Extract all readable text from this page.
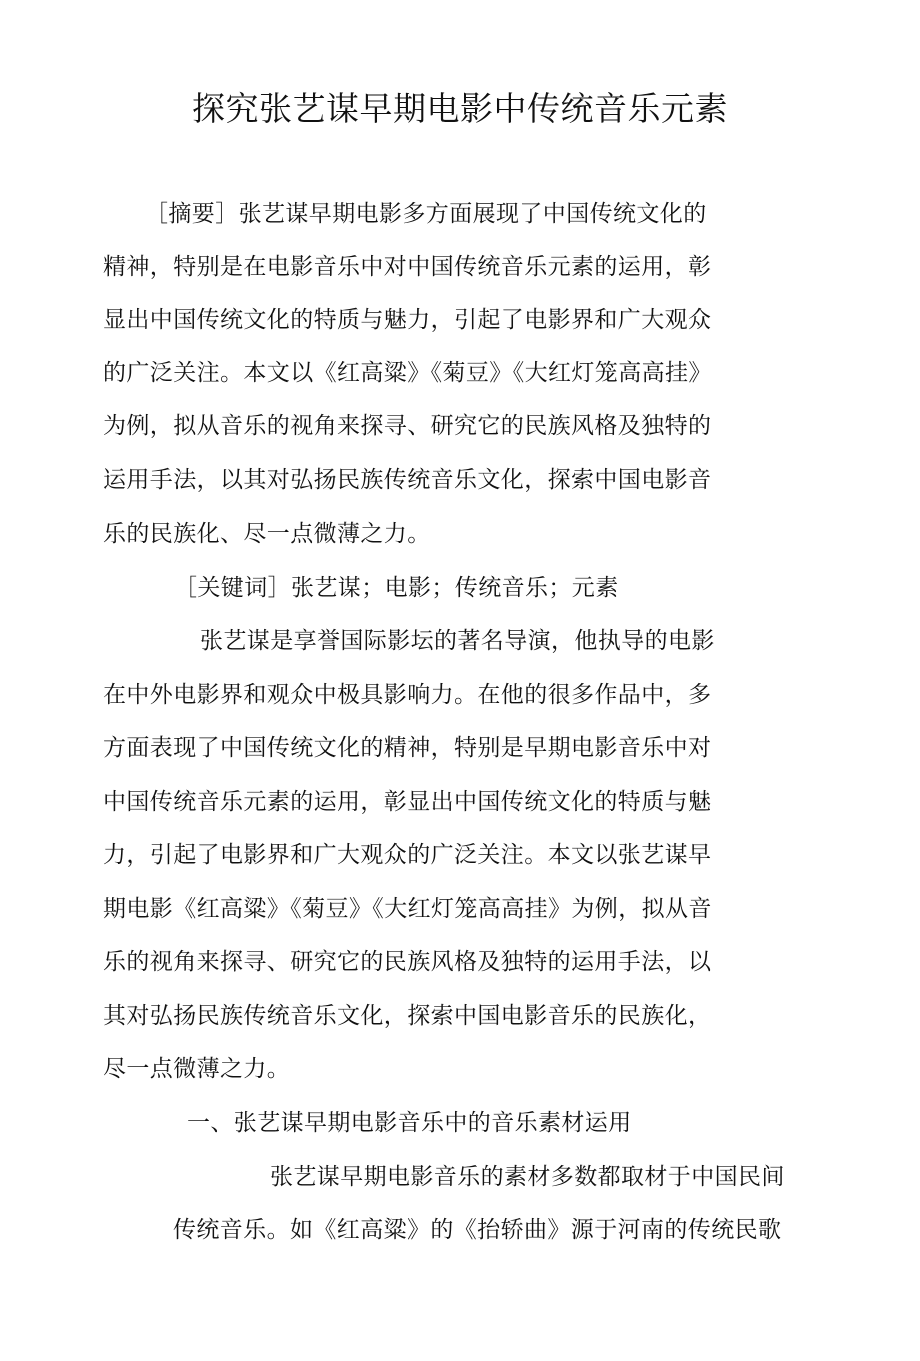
探究张艺谋早期电影中传统音乐元素
［摘要］张艺谋早期电影多方面展现了中国传统文化的
精神，特别是在电影音乐中对中国传统音乐元素的运用，彰
显出中国传统文化的特质与魅力，引起了电影界和广大观众
的广泛关注。本文以《红高粱》《菊豆》《大红灯笼高高挂》
为例，拟从音乐的视角来探寻、研究它的民族风格及独特的
运用手法，以其对弘扬民族传统音乐文化，探索中国电影音
乐的民族化、尽一点微薄之力。
［关键词］张艺谋；电影；传统音乐；元素
张艺谋是享誉国际影坛的著名导演，他执导的电影
在中外电影界和观众中极具影响力。在他的很多作品中，多
方面表现了中国传统文化的精神，特别是早期电影音乐中对
中国传统音乐元素的运用，彰显出中国传统文化的特质与魅
力，引起了电影界和广大观众的广泛关注。本文以张艺谋早
期电影《红高粱》《菊豆》《大红灯笼高高挂》为例，拟从音
乐的视角来探寻、研究它的民族风格及独特的运用手法，以
其对弘扬民族传统音乐文化，探索中国电影音乐的民族化，
尽一点微薄之力。
一、张艺谋早期电影音乐中的音乐素材运用
张艺谋早期电影音乐的素材多数都取材于中国民间
传统音乐。如《红高粱》的《抬轿曲》源于河南的传统民歌
